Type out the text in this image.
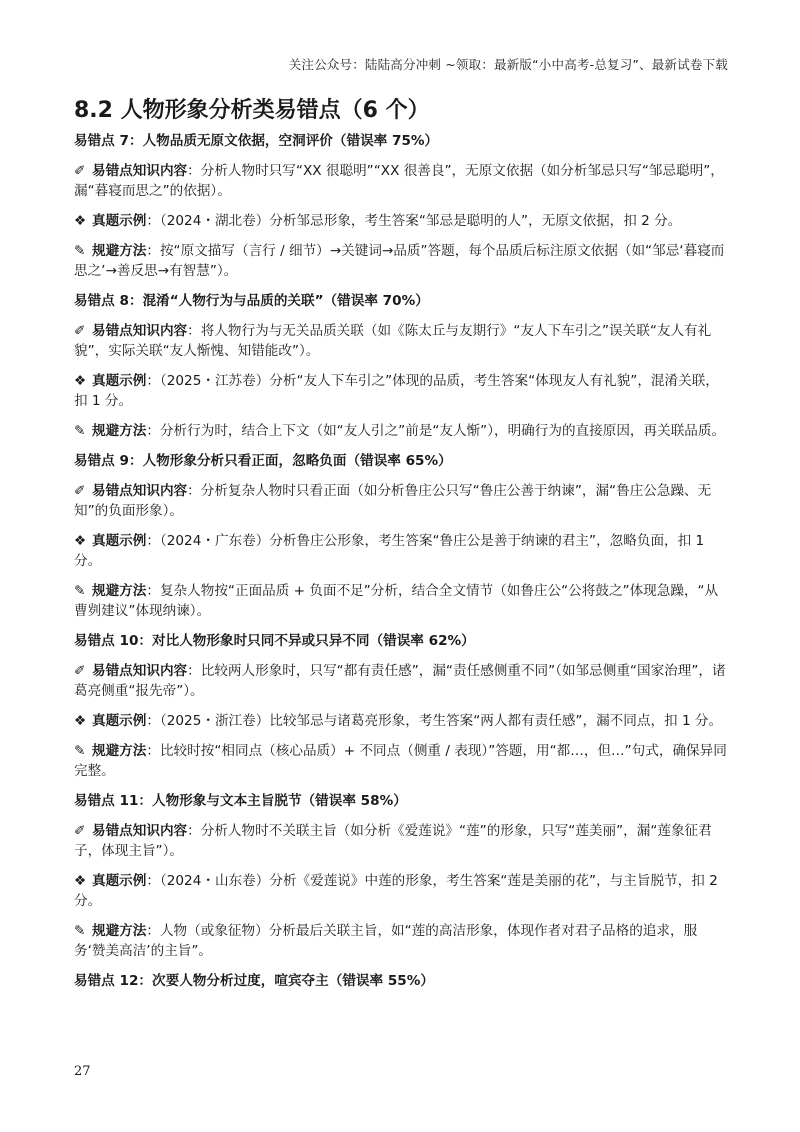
关注公众号：陆陆高分冲刺 ~领取：最新版“小中高考-总复习”、最新试卷下载
8.2 人物形象分析类易错点（6 个）

易错点 7：人物品质无原文依据，空洞评价（错误率 75%）

✐ 易错点知识内容：分析人物时只写“XX 很聪明”“XX 很善良”，无原文依据（如分析邹忌只写“邹忌聪明”，漏“暮寝而思之”的依据）。

❖ 真题示例：（2024・湖北卷）分析邹忌形象，考生答案“邹忌是聪明的人”，无原文依据，扣 2 分。

✎ 规避方法：按“原文描写（言行 / 细节）→关键词→品质”答题，每个品质后标注原文依据（如“邹忌‘暮寝而思之’→善反思→有智慧”）。

易错点 8：混淆“人物行为与品质的关联”（错误率 70%）

✐ 易错点知识内容：将人物行为与无关品质关联（如《陈太丘与友期行》“友人下车引之”误关联“友人有礼貌”，实际关联“友人惭愧、知错能改”）。

❖ 真题示例：（2025・江苏卷）分析“友人下车引之”体现的品质，考生答案“体现友人有礼貌”，混淆关联，扣 1 分。

✎ 规避方法：分析行为时，结合上下文（如“友人引之”前是“友人惭”），明确行为的直接原因，再关联品质。

易错点 9：人物形象分析只看正面，忽略负面（错误率 65%）

✐ 易错点知识内容：分析复杂人物时只看正面（如分析鲁庄公只写“鲁庄公善于纳谏”，漏“鲁庄公急躁、无知”的负面形象）。

❖ 真题示例：（2024・广东卷）分析鲁庄公形象，考生答案“鲁庄公是善于纳谏的君主”，忽略负面，扣 1 分。

✎ 规避方法：复杂人物按“正面品质 + 负面不足”分析，结合全文情节（如鲁庄公“公将鼓之”体现急躁，“从曹刿建议”体现纳谏）。

易错点 10：对比人物形象时只同不异或只异不同（错误率 62%）

✐ 易错点知识内容：比较两人形象时，只写“都有责任感”，漏“责任感侧重不同”（如邹忌侧重“国家治理”，诸葛亮侧重“报先帝”）。

❖ 真题示例：（2025・浙江卷）比较邹忌与诸葛亮形象，考生答案“两人都有责任感”，漏不同点，扣 1 分。

✎ 规避方法：比较时按“相同点（核心品质）+ 不同点（侧重 / 表现）”答题，用“都…，但…”句式，确保异同完整。

易错点 11：人物形象与文本主旨脱节（错误率 58%）

✐ 易错点知识内容：分析人物时不关联主旨（如分析《爱莲说》“莲”的形象，只写“莲美丽”，漏“莲象征君子，体现主旨”）。

❖ 真题示例：（2024・山东卷）分析《爱莲说》中莲的形象，考生答案“莲是美丽的花”，与主旨脱节，扣 2 分。

✎ 规避方法：人物（或象征物）分析最后关联主旨，如“莲的高洁形象，体现作者对君子品格的追求，服务‘赞美高洁’的主旨”。

易错点 12：次要人物分析过度，喧宾夺主（错误率 55%）

27
